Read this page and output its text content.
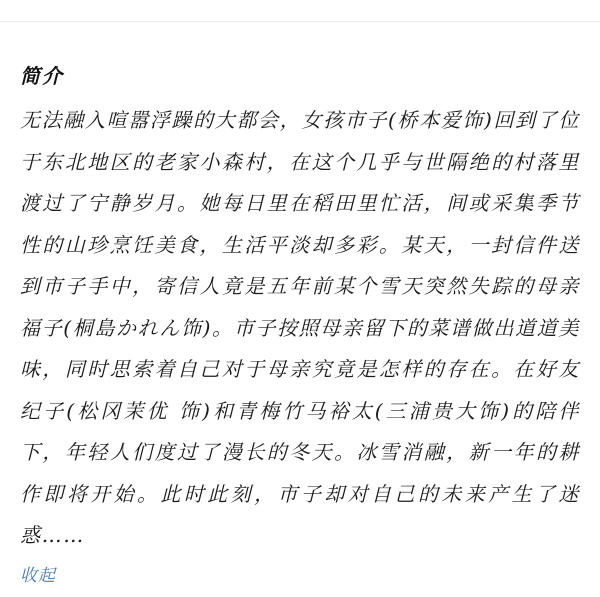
简介

无法融入喧嚣浮躁的大都会，女孩市子(桥本爱饰)回到了位于东北地区的老家小森村，在这个几乎与世隔绝的村落里渡过了宁静岁月。她每日里在稻田里忙活，间或采集季节性的山珍烹饪美食，生活平淡却多彩。某天，一封信件送到市子手中，寄信人竟是五年前某个雪天突然失踪的母亲福子(桐島かれん饰)。市子按照母亲留下的菜谱做出道道美味，同时思索着自己对于母亲究竟是怎样的存在。在好友纪子(松冈茉优 饰)和青梅竹马裕太(三浦贵大饰)的陪伴下，年轻人们度过了漫长的冬天。冰雪消融，新一年的耕作即将开始。此时此刻，市子却对自己的未来产生了迷惑……

收起
